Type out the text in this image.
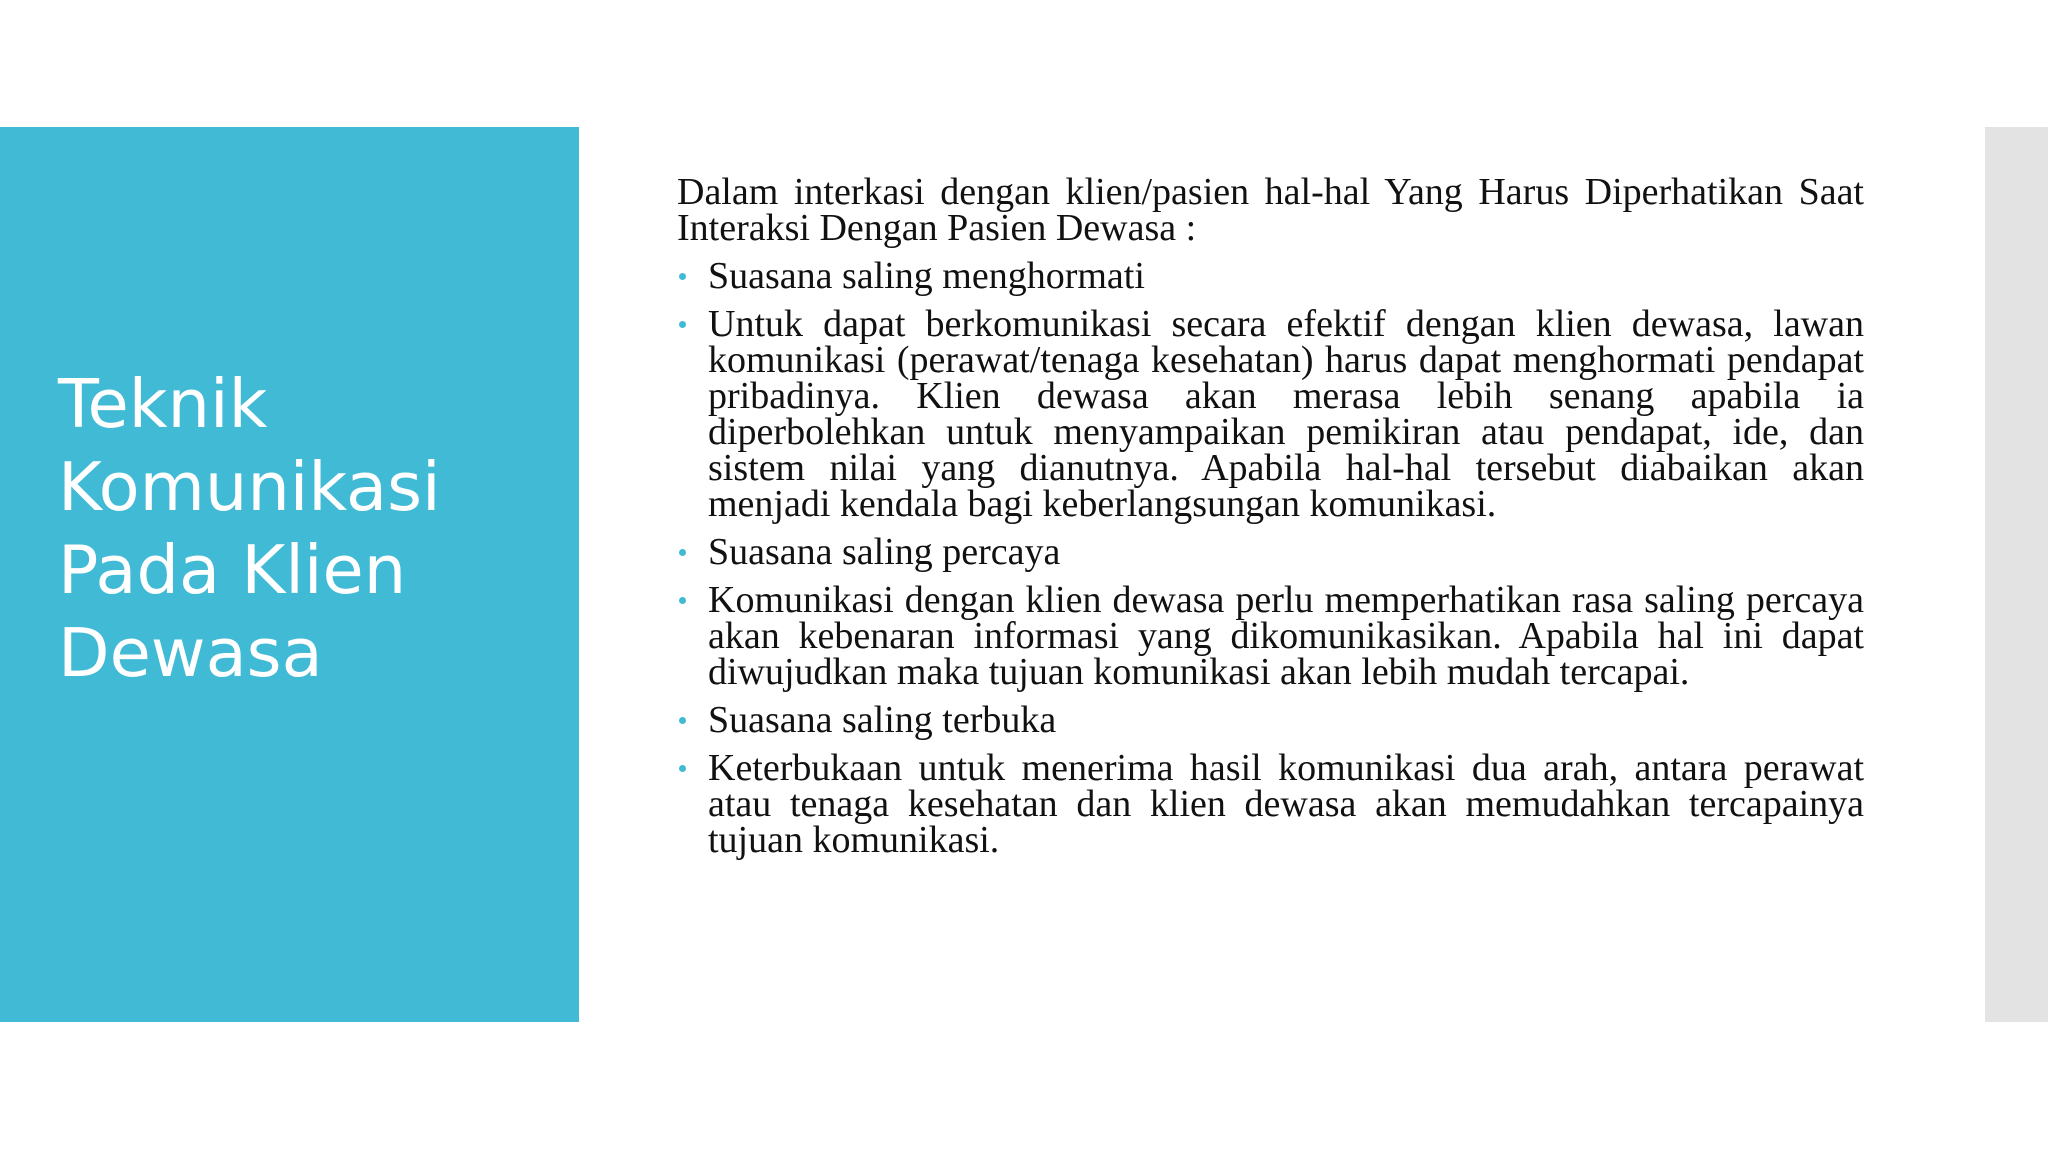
Teknik
Komunikasi
Pada Klien
Dewasa

Dalam interkasi dengan klien/pasien hal-hal Yang Harus Diperhatikan Saat Interaksi Dengan Pasien Dewasa :

Suasana saling menghormati
Untuk dapat berkomunikasi secara efektif dengan klien dewasa, lawan komunikasi (perawat/tenaga kesehatan) harus dapat menghormati pendapat pribadinya. Klien dewasa akan merasa lebih senang apabila ia diperbolehkan untuk menyampaikan pemikiran atau pendapat, ide, dan sistem nilai yang dianutnya. Apabila hal-hal tersebut diabaikan akan menjadi kendala bagi keberlangsungan komunikasi.
Suasana saling percaya
Komunikasi dengan klien dewasa perlu memperhatikan rasa saling percaya akan kebenaran informasi yang dikomunikasikan. Apabila hal ini dapat diwujudkan maka tujuan komunikasi akan lebih mudah tercapai.
Suasana saling terbuka
Keterbukaan untuk menerima hasil komunikasi dua arah, antara perawat atau tenaga kesehatan dan klien dewasa akan memudahkan tercapainya tujuan komunikasi.
